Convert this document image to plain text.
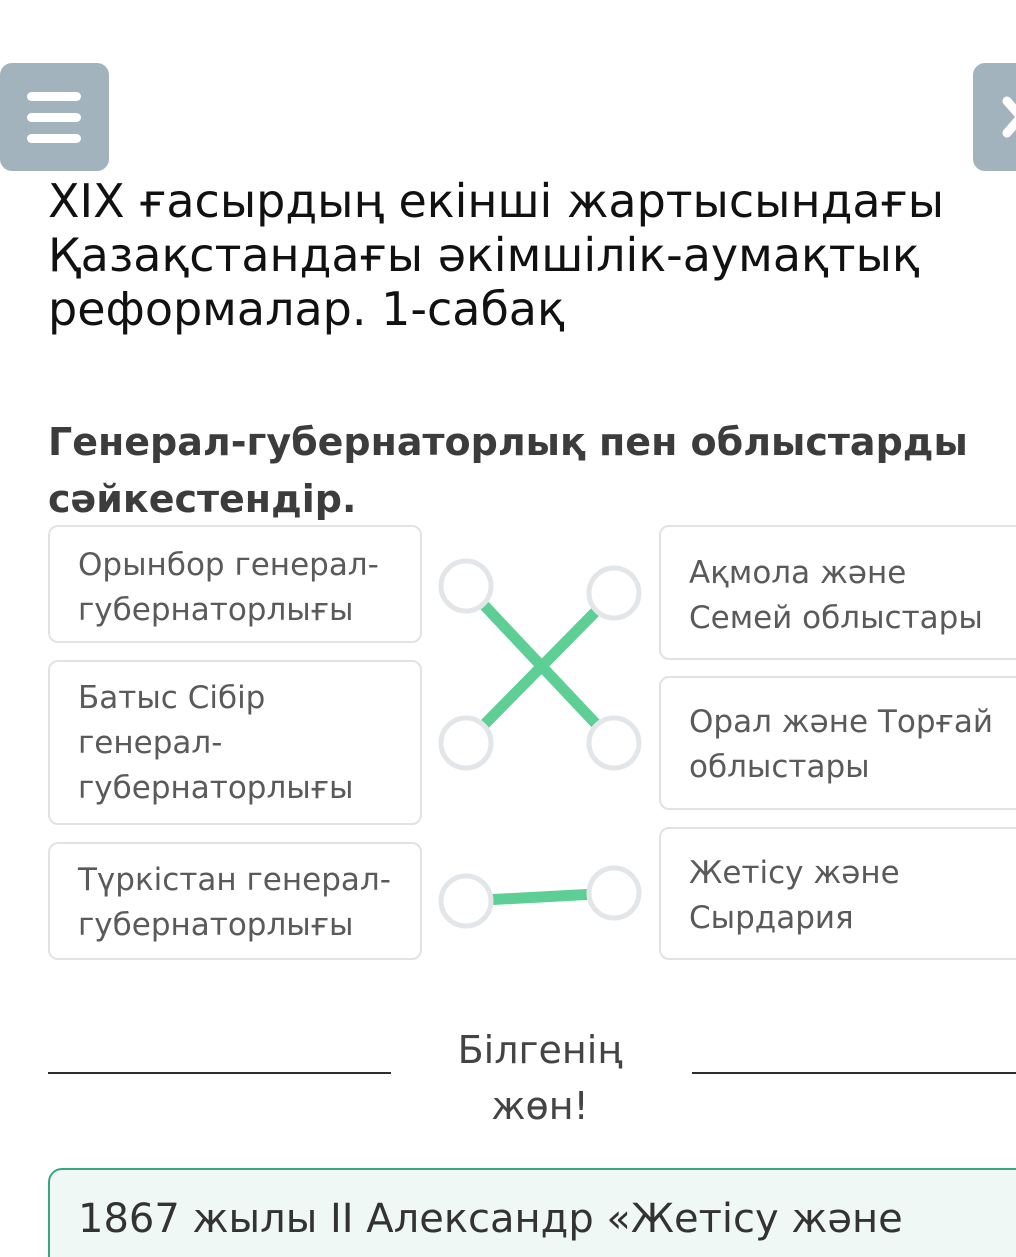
XIX ғасырдың екінші жартысындағы
Қазақстандағы әкімшілік-аумақтық
реформалар. 1-сабақ
Генерал-губернаторлық пен облыстарды
сәйкестендір.
Орынбор генерал-
губернаторлығы
Батыс Сібір
генерал-
губернаторлығы
Түркістан генерал-
губернаторлығы
Ақмола және
Семей облыстары
Орал және Торғай
облыстары
Жетісу және
Сырдария
Білгенің
жөн!
1867 жылы II Александр «Жетісу және
